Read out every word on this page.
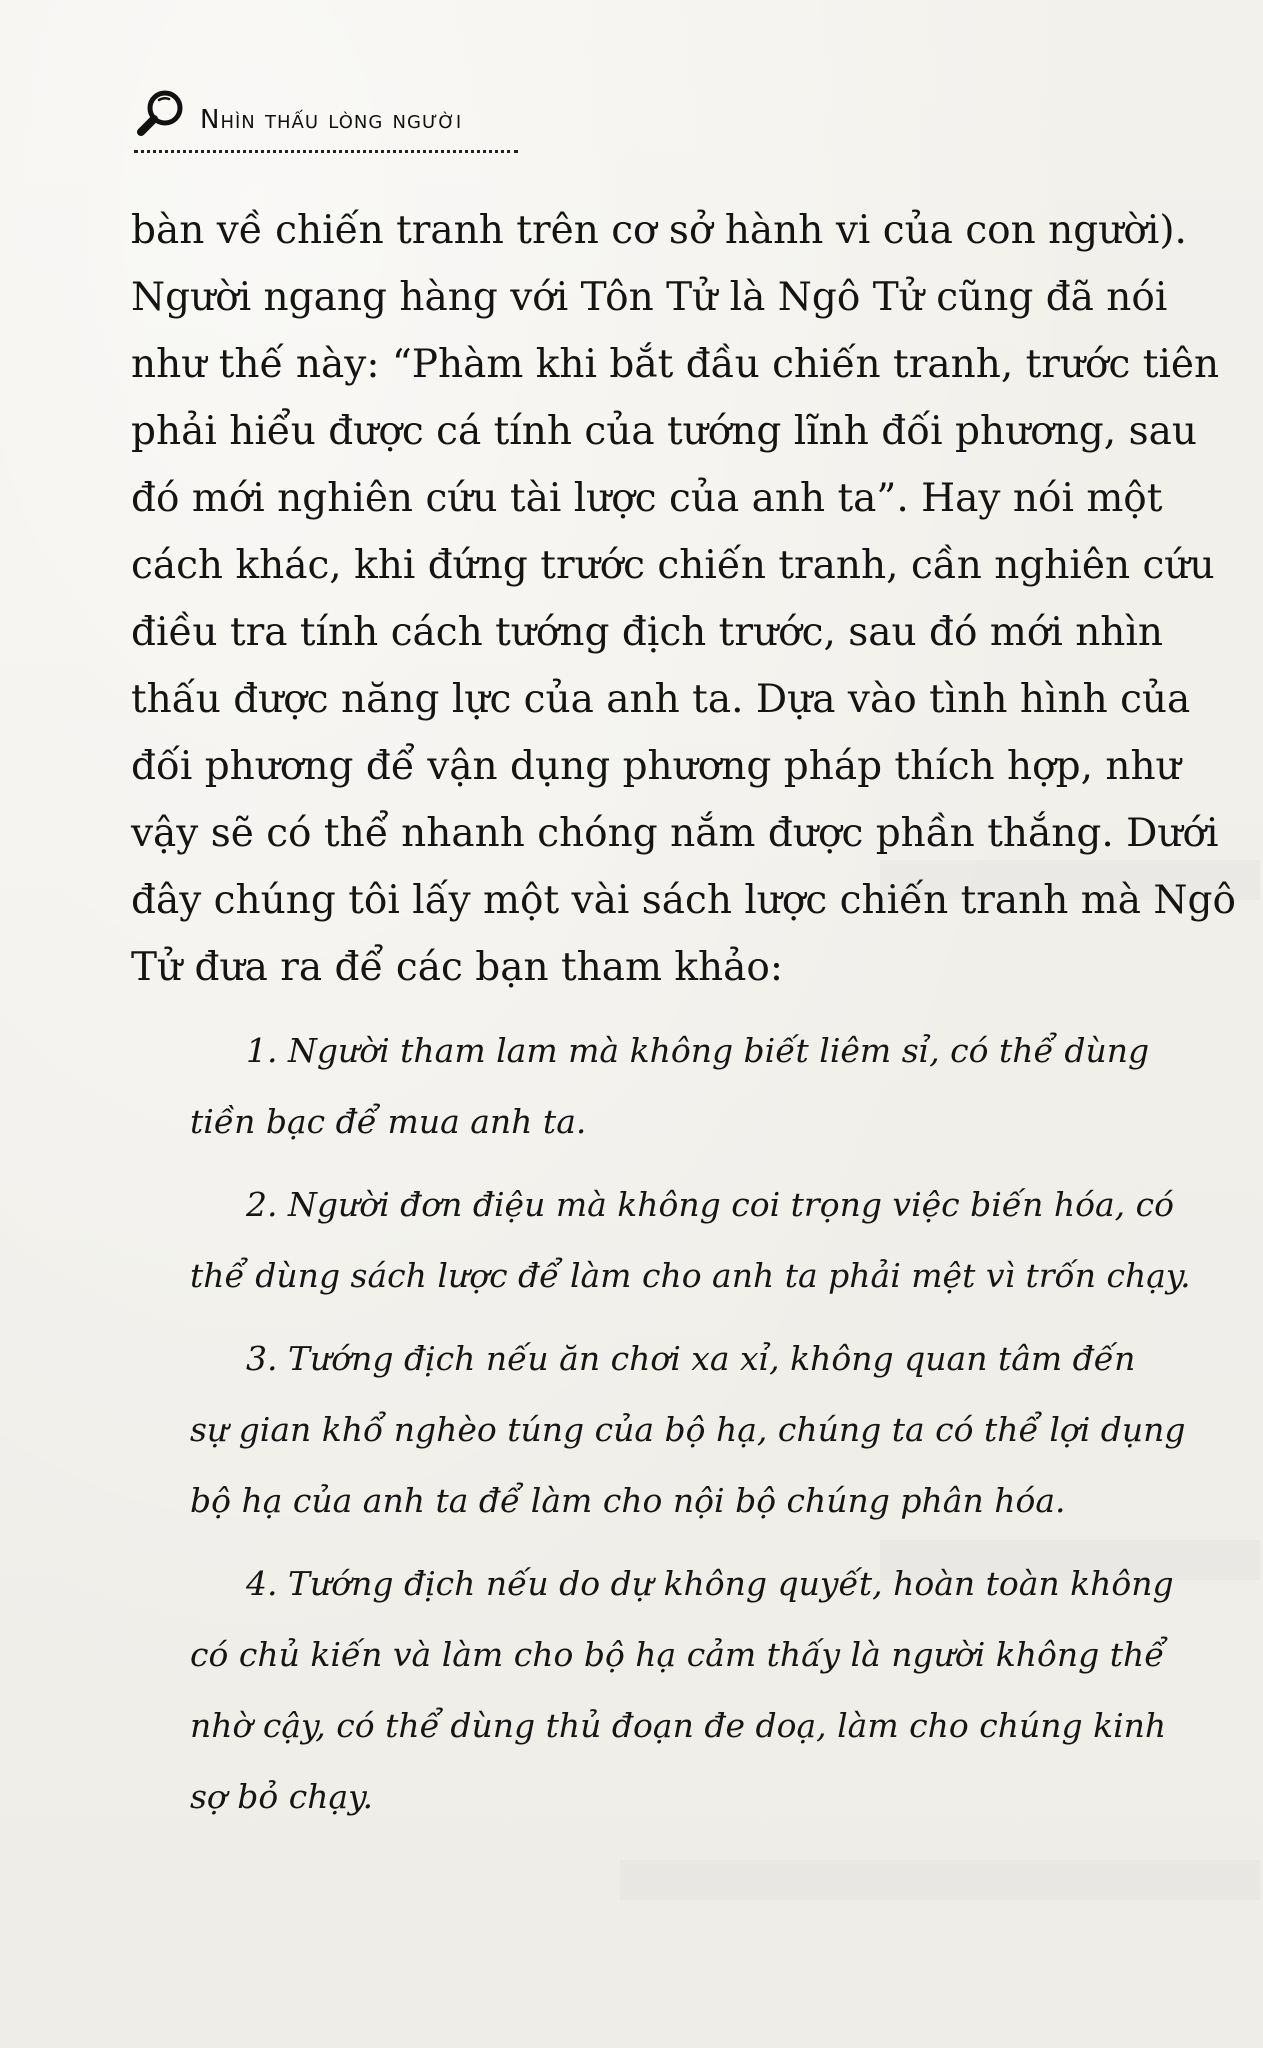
Nhìn thấu lòng người
bàn về chiến tranh trên cơ sở hành vi của con người).
Người ngang hàng với Tôn Tử là Ngô Tử cũng đã nói
như thế này: “Phàm khi bắt đầu chiến tranh, trước tiên
phải hiểu được cá tính của tướng lĩnh đối phương, sau
đó mới nghiên cứu tài lược của anh ta”. Hay nói một
cách khác, khi đứng trước chiến tranh, cần nghiên cứu
điều tra tính cách tướng địch trước, sau đó mới nhìn
thấu được năng lực của anh ta. Dựa vào tình hình của
đối phương để vận dụng phương pháp thích hợp, như
vậy sẽ có thể nhanh chóng nắm được phần thắng. Dưới
đây chúng tôi lấy một vài sách lược chiến tranh mà Ngô
Tử đưa ra để các bạn tham khảo:
1. Người tham lam mà không biết liêm sỉ, có thể dùng
tiền bạc để mua anh ta.
2. Người đơn điệu mà không coi trọng việc biến hóa, có
thể dùng sách lược để làm cho anh ta phải mệt vì trốn chạy.
3. Tướng địch nếu ăn chơi xa xỉ, không quan tâm đến
sự gian khổ nghèo túng của bộ hạ, chúng ta có thể lợi dụng
bộ hạ của anh ta để làm cho nội bộ chúng phân hóa.
4. Tướng địch nếu do dự không quyết, hoàn toàn không
có chủ kiến và làm cho bộ hạ cảm thấy là người không thể
nhờ cậy, có thể dùng thủ đoạn đe doạ, làm cho chúng kinh
sợ bỏ chạy.
